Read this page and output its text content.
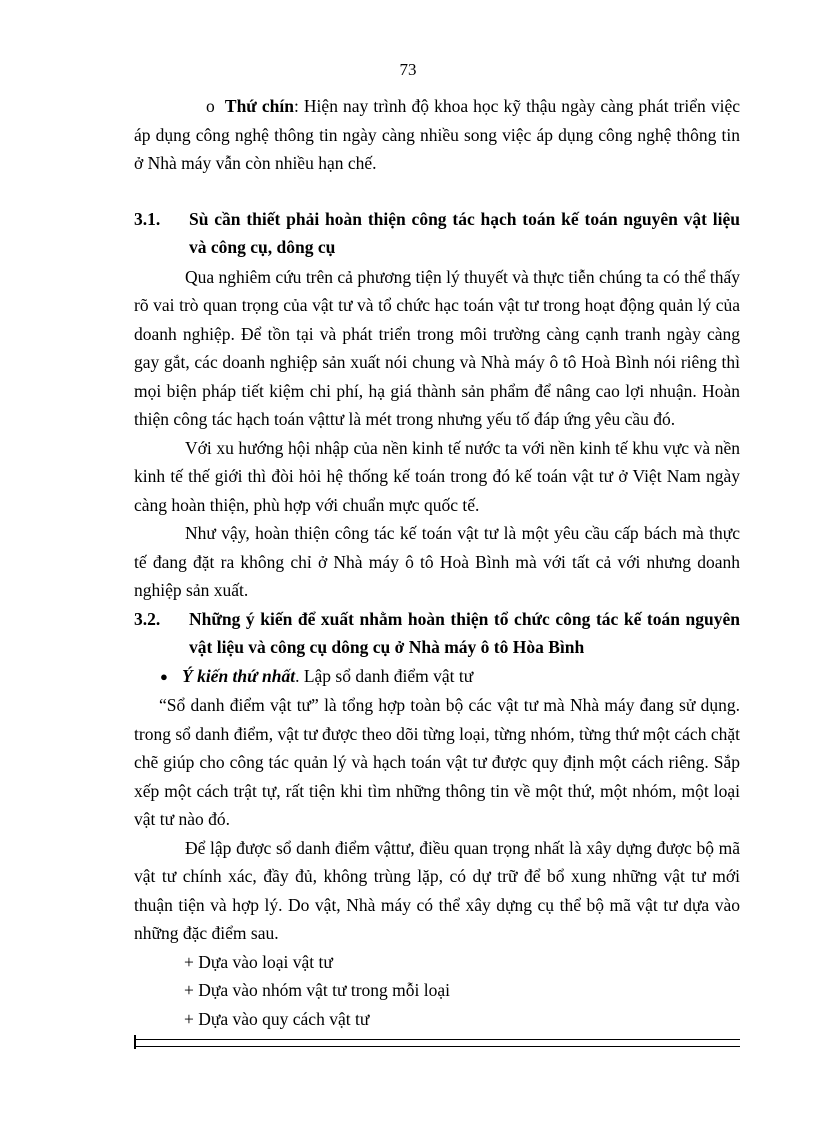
73

o Thứ chín: Hiện nay trình độ khoa học kỹ thậu ngày càng phát triển việc áp dụng công nghệ thông tin ngày càng nhiều song việc áp dụng công nghệ thông tin ở Nhà máy vẫn còn nhiều hạn chế.

3.1.	Sù cần thiết phải hoàn thiện công tác hạch toán kế toán nguyên vật liệu và công cụ, dông cụ

Qua nghiêm cứu trên cả phương tiện lý thuyết và thực tiễn chúng ta có thể thấy rõ vai trò quan trọng của vật tư và tổ chức hạc toán vật tư trong hoạt động quản lý của doanh nghiệp. Để tồn tại và phát triển trong môi trường càng cạnh tranh ngày càng gay gắt, các doanh nghiệp sản xuất nói chung và Nhà máy ô tô Hoà Bình nói riêng thì mọi biện pháp tiết kiệm chi phí, hạ giá thành sản phẩm để nâng cao lợi nhuận. Hoàn thiện công tác hạch toán vậttư là mét trong nhưng yếu tố đáp ứng yêu cầu đó.

Với xu hướng hội nhập của nền kinh tế nước ta với nền kinh tế khu vực và nền kinh tế thế giới thì đòi hỏi hệ thống kế toán trong đó kế toán vật tư ở Việt Nam ngày càng hoàn thiện, phù hợp với chuẩn mực quốc tế.

Như vậy, hoàn thiện công tác kế toán vật tư là một yêu cầu cấp bách mà thực tế đang đặt ra không chỉ ở Nhà máy ô tô Hoà Bình mà với tất cả với nhưng doanh nghiệp sản xuất.

3.2.	Những ý kiến để xuất nhằm hoàn thiện tổ chức công tác kế toán nguyên vật liệu và công cụ dông cụ ở Nhà máy ô tô Hòa Bình
● Ý kiến thứ nhất. Lập sổ danh điểm vật tư

“Sổ danh điểm vật tư” là tổng hợp toàn bộ các vật tư mà Nhà máy đang sử dụng. trong sổ danh điểm, vật tư được theo dõi từng loại, từng nhóm, từng thứ một cách chặt chẽ giúp cho công tác quản lý và hạch toán vật tư được quy định một cách riêng. Sắp xếp một cách trật tự, rất tiện khi tìm những thông tin về một thứ, một nhóm, một loại vật tư nào đó.

Để lập được sổ danh điểm vậttư, điều quan trọng nhất là xây dựng được bộ mã vật tư chính xác, đầy đủ, không trùng lặp, có dự trữ để bổ xung những vật tư mới thuận tiện và hợp lý. Do vật, Nhà máy có thể xây dựng cụ thể bộ mã vật tư dựa vào những đặc điểm sau.

+ Dựa vào loại vật tư
+ Dựa vào nhóm vật tư trong mỗi loại
+ Dựa vào quy cách vật tư
